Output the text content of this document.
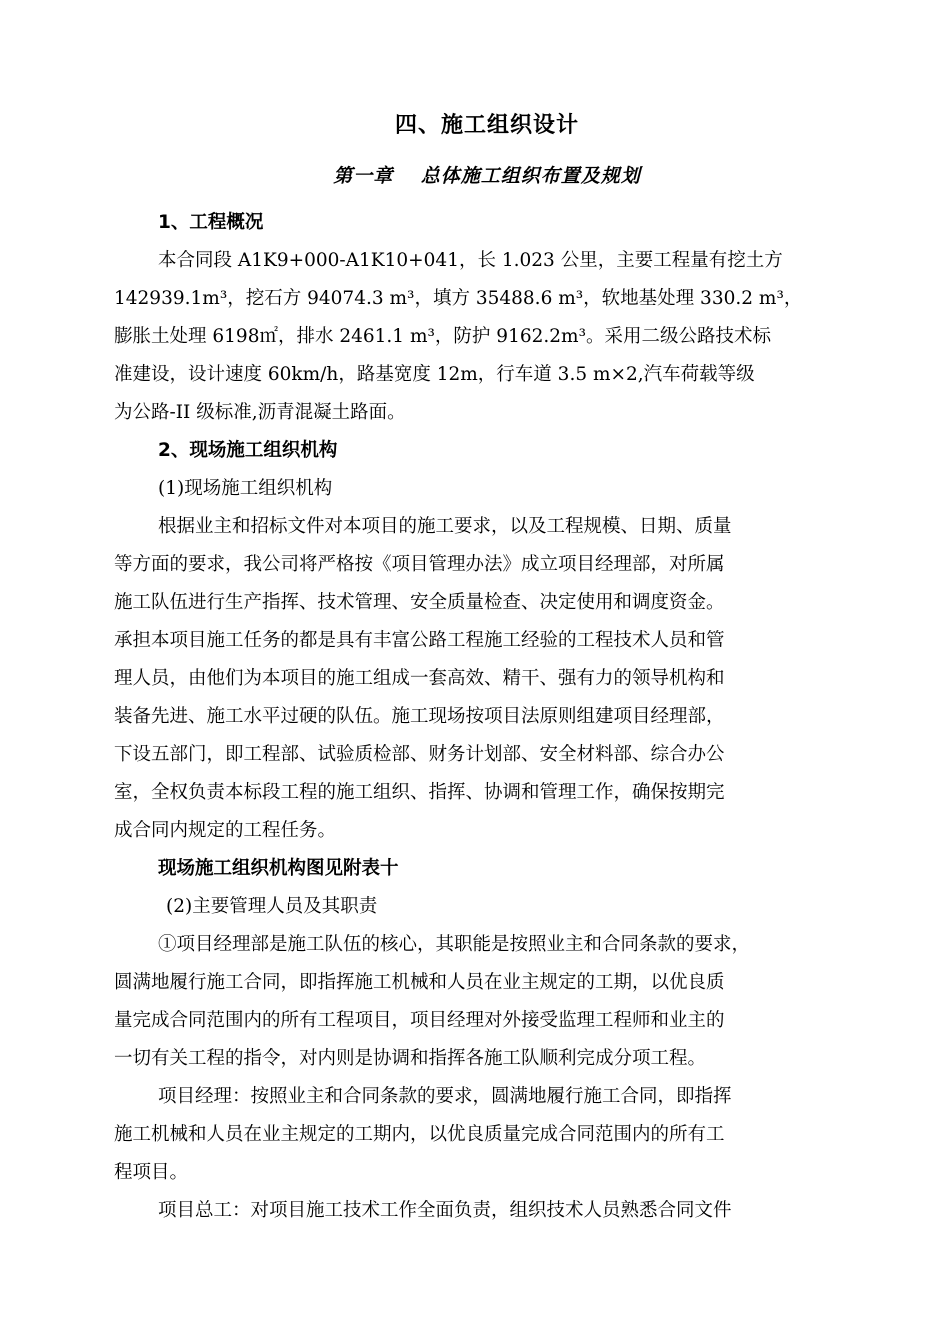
四、施工组织设计
第一章　 总体施工组织布置及规划
1、工程概况
本合同段 A1K9+000-A1K10+041，长 1.023 公里，主要工程量有挖土方
142939.1m³，挖石方 94074.3 m³，填方 35488.6 m³，软地基处理 330.2 m³，
膨胀土处理 6198㎡，排水 2461.1 m³，防护 9162.2m³。采用二级公路技术标
准建设，设计速度 60km/h，路基宽度 12m，行车道 3.5 m×2,汽车荷载等级
为公路-II 级标准,沥青混凝土路面。
2、现场施工组织机构
(1)现场施工组织机构
根据业主和招标文件对本项目的施工要求，以及工程规模、日期、质量
等方面的要求，我公司将严格按《项目管理办法》成立项目经理部，对所属
施工队伍进行生产指挥、技术管理、安全质量检查、决定使用和调度资金。
承担本项目施工任务的都是具有丰富公路工程施工经验的工程技术人员和管
理人员，由他们为本项目的施工组成一套高效、精干、强有力的领导机构和
装备先进、施工水平过硬的队伍。施工现场按项目法原则组建项目经理部，
下设五部门，即工程部、试验质检部、财务计划部、安全材料部、综合办公
室，全权负责本标段工程的施工组织、指挥、协调和管理工作，确保按期完
成合同内规定的工程任务。
现场施工组织机构图见附表十
(2)主要管理人员及其职责
①项目经理部是施工队伍的核心，其职能是按照业主和合同条款的要求，
圆满地履行施工合同，即指挥施工机械和人员在业主规定的工期，以优良质
量完成合同范围内的所有工程项目，项目经理对外接受监理工程师和业主的
一切有关工程的指令，对内则是协调和指挥各施工队顺利完成分项工程。
项目经理：按照业主和合同条款的要求，圆满地履行施工合同，即指挥
施工机械和人员在业主规定的工期内，以优良质量完成合同范围内的所有工
程项目。
项目总工：对项目施工技术工作全面负责，组织技术人员熟悉合同文件
